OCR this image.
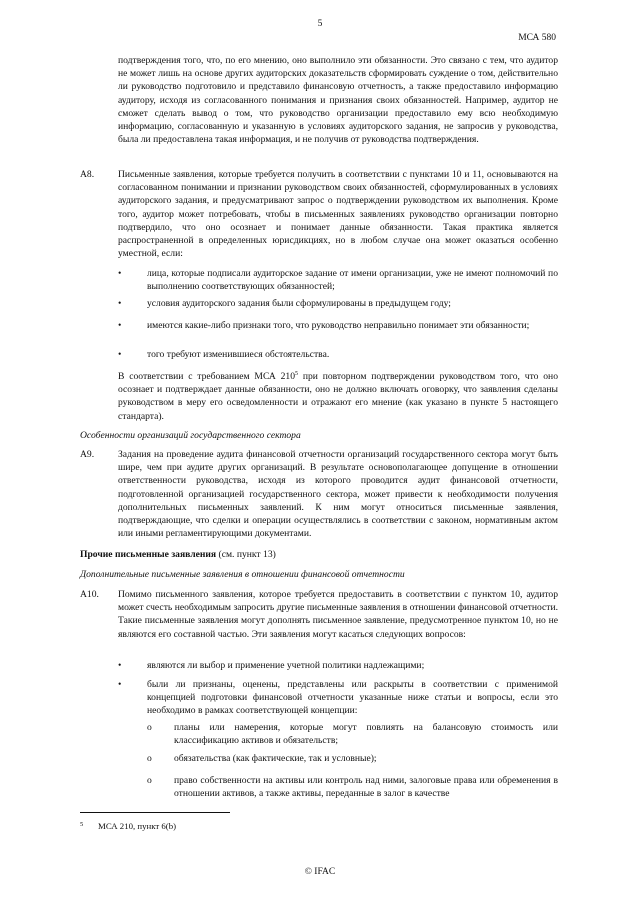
5
МСА 580

подтверждения того, что, по его мнению, оно выполнило эти обязанности. Это связано с тем, что аудитор не может лишь на основе других аудиторских доказательств сформировать суждение о том, действительно ли руководство подготовило и представило финансовую отчетность, а также предоставило информацию аудитору, исходя из согласованного понимания и признания своих обязанностей. Например, аудитор не сможет сделать вывод о том, что руководство организации предоставило ему всю необходимую информацию, согласованную и указанную в условиях аудиторского задания, не запросив у руководства, была ли предоставлена такая информация, и не получив от руководства подтверждения.

A8. Письменные заявления, которые требуется получить в соответствии с пунктами 10 и 11, основываются на согласованном понимании и признании руководством своих обязанностей, сформулированных в условиях аудиторского задания, и предусматривают запрос о подтверждении руководством их выполнения. Кроме того, аудитор может потребовать, чтобы в письменных заявлениях руководство организации повторно подтвердило, что оно осознает и понимает данные обязанности. Такая практика является распространенной в определенных юрисдикциях, но в любом случае она может оказаться особенно уместной, если:

•	лица, которые подписали аудиторское задание от имени организации, уже не имеют полномочий по выполнению соответствующих обязанностей;

•	условия аудиторского задания были сформулированы в предыдущем году;

•	имеются какие-либо признаки того, что руководство неправильно понимает эти обязанности;

•	того требуют изменившиеся обстоятельства.

В соответствии с требованием МСА $210^5$ при повторном подтверждении руководством того, что оно осознает и подтверждает данные обязанности, оно не должно включать оговорку, что заявления сделаны руководством в меру его осведомленности и отражают его мнение (как указано в пункте 5 настоящего стандарта).

Особенности организаций государственного сектора
A9. Задания на проведение аудита финансовой отчетности организаций государственного сектора могут быть шире, чем при аудите других организаций. В результате основополагающее допущение в отношении ответственности руководства, исходя из которого проводится аудит финансовой отчетности, подготовленной организацией государственного сектора, может привести к необходимости получения дополнительных письменных заявлений. К ним могут относиться письменные заявления, подтверждающие, что сделки и операции осуществлялись в соответствии с законом, нормативным актом или иными регламентирующими документами.

Прочие письменные заявления (см. пункт 13)
Дополнительные письменные заявления в отношении финансовой отчетности
A10. Помимо письменного заявления, которое требуется предоставить в соответствии с пунктом 10, аудитор может счесть необходимым запросить другие письменные заявления в отношении финансовой отчетности. Такие письменные заявления могут дополнять письменное заявление, предусмотренное пунктом 10, но не являются его составной частью. Эти заявления могут касаться следующих вопросов:

•	являются ли выбор и применение учетной политики надлежащими;

•	были ли признаны, оценены, представлены или раскрыты в соответствии с применимой концепцией подготовки финансовой отчетности указанные ниже статьи и вопросы, если это необходимо в рамках соответствующей концепции:

o планы или намерения, которые могут повлиять на балансовую стоимость или классификацию активов и обязательств;

o обязательства (как фактические, так и условные);

o право собственности на активы или контроль над ними, залоговые права или обременения в отношении активов, а также активы, переданные в залог в качестве

5 МСА 210, пункт 6(b)
© IFAC
